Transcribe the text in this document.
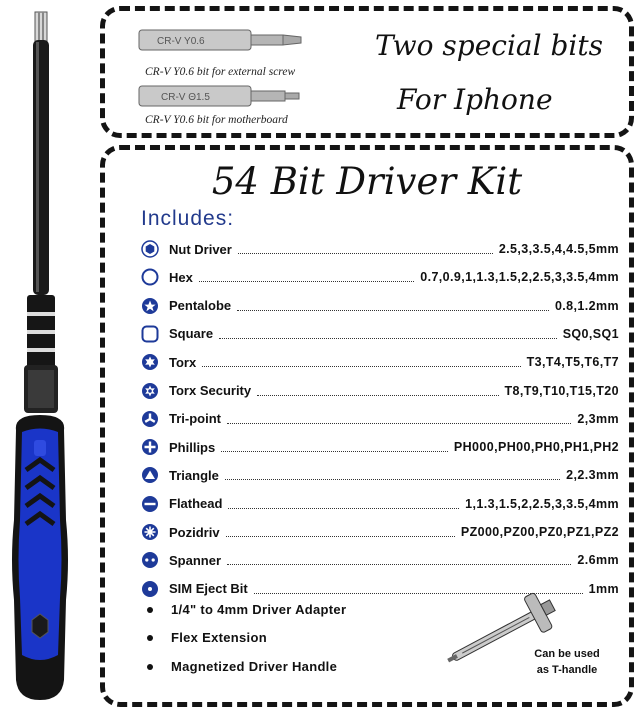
CR-V Y0.6
CR-V Y0.6 bit for external screw
CR-V Θ1.5
CR-V Y0.6 bit for motherboard
Two special bits
For Iphone
54 Bit Driver Kit
Includes:
Nut Driver	2.5,3,3.5,4,4.5,5mm
Hex	0.7,0.9,1,1.3,1.5,2,2.5,3,3.5,4mm
Pentalobe	0.8,1.2mm
Square	SQ0,SQ1
Torx	T3,T4,T5,T6,T7
Torx Security	T8,T9,T10,T15,T20
Tri-point	2,3mm
Phillips	PH000,PH00,PH0,PH1,PH2
Triangle	2,2.3mm
Flathead	1,1.3,1.5,2,2.5,3,3.5,4mm
Pozidriv	PZ000,PZ00,PZ0,PZ1,PZ2
Spanner	2.6mm
SIM Eject Bit	1mm
1/4" to 4mm Driver Adapter
Flex Extension
Magnetized Driver Handle
Can be used
as T-handle
